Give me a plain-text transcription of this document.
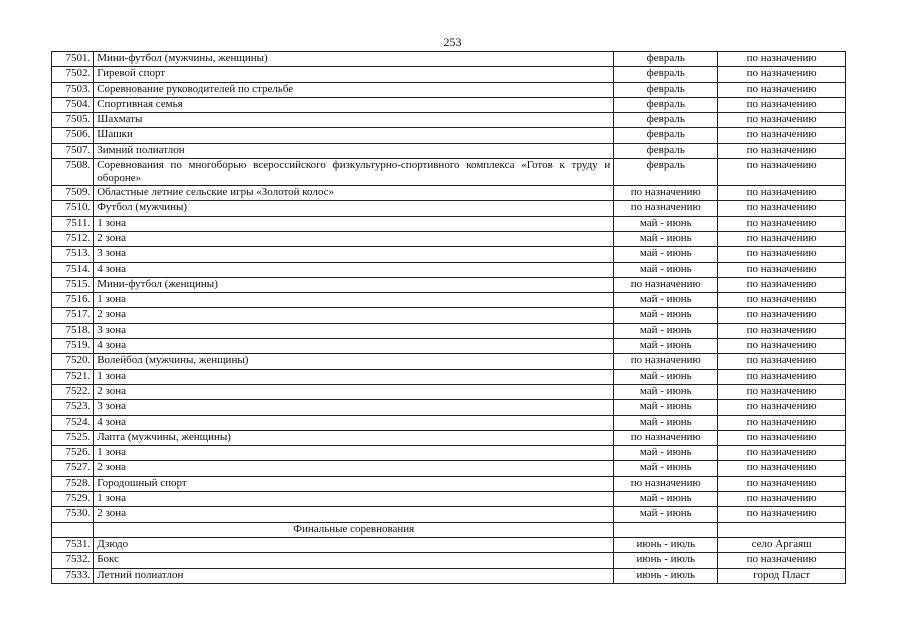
253
7501.	Мини-футбол (мужчины, женщины)	февраль	по назначению
7502.	Гиревой спорт	февраль	по назначению
7503.	Соревнование руководителей по стрельбе	февраль	по назначению
7504.	Спортивная семья	февраль	по назначению
7505.	Шахматы	февраль	по назначению
7506.	Шашки	февраль	по назначению
7507.	Зимний полиатлон	февраль	по назначению
7508.	Соревнования по многоборью всероссийского физкультурно-спортивного комплекса «Готов к труду и обороне»	февраль	по назначению
7509.	Областные летние сельские игры «Золотой колос»	по назначению	по назначению
7510.	Футбол (мужчины)	по назначению	по назначению
7511.	1 зона	май - июнь	по назначению
7512.	2 зона	май - июнь	по назначению
7513.	3 зона	май - июнь	по назначению
7514.	4 зона	май - июнь	по назначению
7515.	Мини-футбол (женщины)	по назначению	по назначению
7516.	1 зона	май - июнь	по назначению
7517.	2 зона	май - июнь	по назначению
7518.	3 зона	май - июнь	по назначению
7519.	4 зона	май - июнь	по назначению
7520.	Волейбол (мужчины, женщины)	по назначению	по назначению
7521.	1 зона	май - июнь	по назначению
7522.	2 зона	май - июнь	по назначению
7523.	3 зона	май - июнь	по назначению
7524.	4 зона	май - июнь	по назначению
7525.	Лапта (мужчины, женщины)	по назначению	по назначению
7526.	1 зона	май - июнь	по назначению
7527.	2 зона	май - июнь	по назначению
7528.	Городошный спорт	по назначению	по назначению
7529.	1 зона	май - июнь	по назначению
7530.	2 зона	май - июнь	по назначению
	Финальные соревнования		
7531.	Дзюдо	июнь - июль	село Аргаяш
7532.	Бокс	июнь - июль	по назначению
7533.	Летний полиатлон	июнь - июль	город Пласт
